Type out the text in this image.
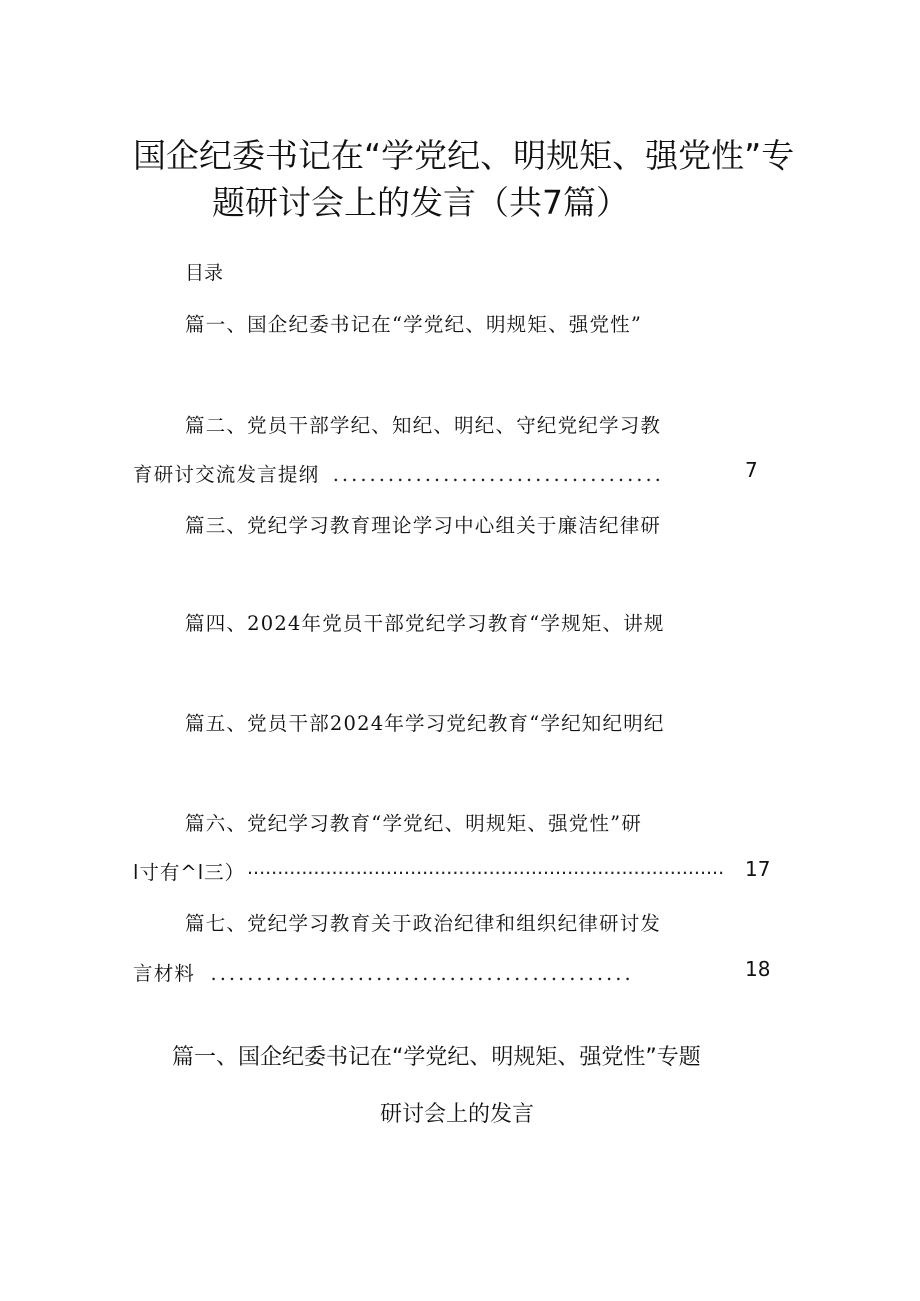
国企纪委书记在“学党纪、明规矩、强党性”专
题研讨会上的发言（共7篇）
目录
篇一、国企纪委书记在“学党纪、明规矩、强党性”
篇二、党员干部学纪、知纪、明纪、守纪党纪学习教
育研讨交流发言提纲 ....................................	7
篇三、党纪学习教育理论学习中心组关于廉洁纪律研
篇四、2024年党员干部党纪学习教育“学规矩、讲规
篇五、党员干部2024年学习党纪教育“学纪知纪明纪
篇六、党纪学习教育“学党纪、明规矩、强党性”研
l寸有^l三） ...............................................................................	17
篇七、党纪学习教育关于政治纪律和组织纪律研讨发
言材料 ..............................................	18
篇一、国企纪委书记在“学党纪、明规矩、强党性”专题
研讨会上的发言
